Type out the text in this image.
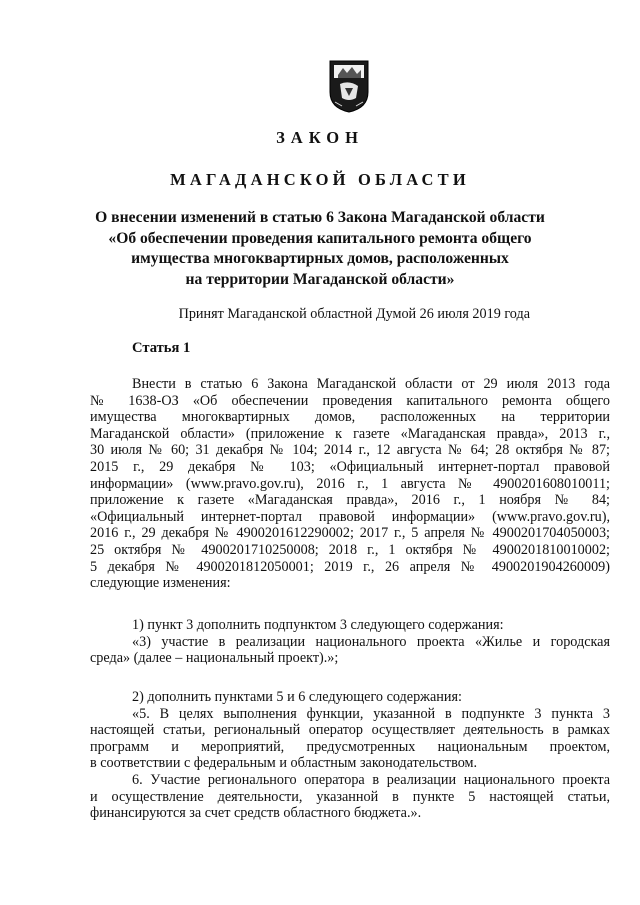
ЗАКОН
МАГАДАНСКОЙ ОБЛАСТИ
О внесении изменений в статью 6 Закона Магаданской области
«Об обеспечении проведения капитального ремонта общего
имущества многоквартирных домов, расположенных
на территории Магаданской области»
Принят Магаданской областной Думой 26 июля 2019 года
Статья 1
Внести в статью 6 Закона Магаданской области от 29 июля 2013 года
№ 1638-ОЗ «Об обеспечении проведения капитального ремонта общего
имущества многоквартирных домов, расположенных на территории
Магаданской области» (приложение к газете «Магаданская правда», 2013 г.,
30 июля № 60; 31 декабря № 104; 2014 г., 12 августа № 64; 28 октября № 87;
2015 г., 29 декабря № 103; «Официальный интернет-портал правовой
информации» (www.pravo.gov.ru), 2016 г., 1 августа № 4900201608010011;
приложение к газете «Магаданская правда», 2016 г., 1 ноября № 84;
«Официальный интернет-портал правовой информации» (www.pravo.gov.ru),
2016 г., 29 декабря № 4900201612290002; 2017 г., 5 апреля № 4900201704050003;
25 октября № 4900201710250008; 2018 г., 1 октября № 4900201810010002;
5 декабря № 4900201812050001; 2019 г., 26 апреля № 4900201904260009)
следующие изменения:
1) пункт 3 дополнить подпунктом 3 следующего содержания:
«3) участие в реализации национального проекта «Жилье и городская
среда» (далее – национальный проект).»;
2) дополнить пунктами 5 и 6 следующего содержания:
«5. В целях выполнения функции, указанной в подпункте 3 пункта 3
настоящей статьи, региональный оператор осуществляет деятельность в рамках
программ и мероприятий, предусмотренных национальным проектом,
в соответствии с федеральным и областным законодательством.
6. Участие регионального оператора в реализации национального проекта
и осуществление деятельности, указанной в пункте 5 настоящей статьи,
финансируются за счет средств областного бюджета.».
